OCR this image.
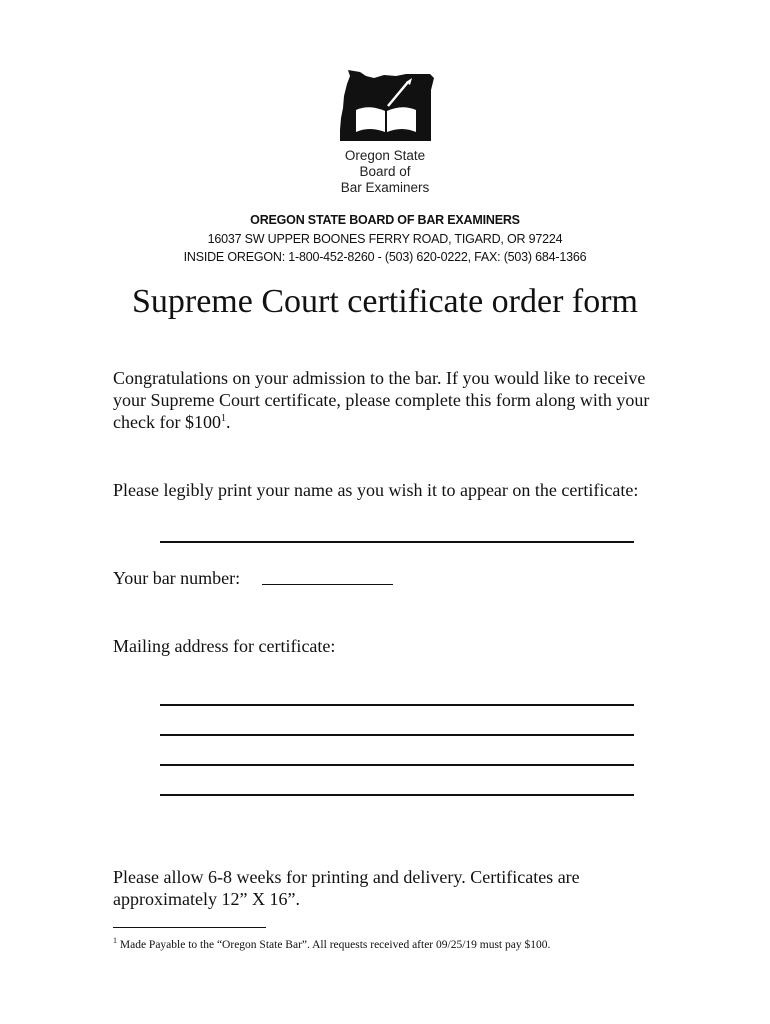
Oregon State
Board of
Bar Examiners
OREGON STATE BOARD OF BAR EXAMINERS
16037 SW UPPER BOONES FERRY ROAD, TIGARD, OR 97224
INSIDE OREGON: 1-800-452-8260 - (503) 620-0222, FAX: (503) 684-1366
Supreme Court certificate order form
Congratulations on your admission to the bar. If you would like to receive your Supreme Court certificate, please complete this form along with your check for $\$100^1$.
Please legibly print your name as you wish it to appear on the certificate:
Your bar number:
Mailing address for certificate:
Please allow 6-8 weeks for printing and delivery. Certificates are approximately 12” X 16”.
$^1$ Made Payable to the “Oregon State Bar”. All requests received after 09/25/19 must pay $100.
